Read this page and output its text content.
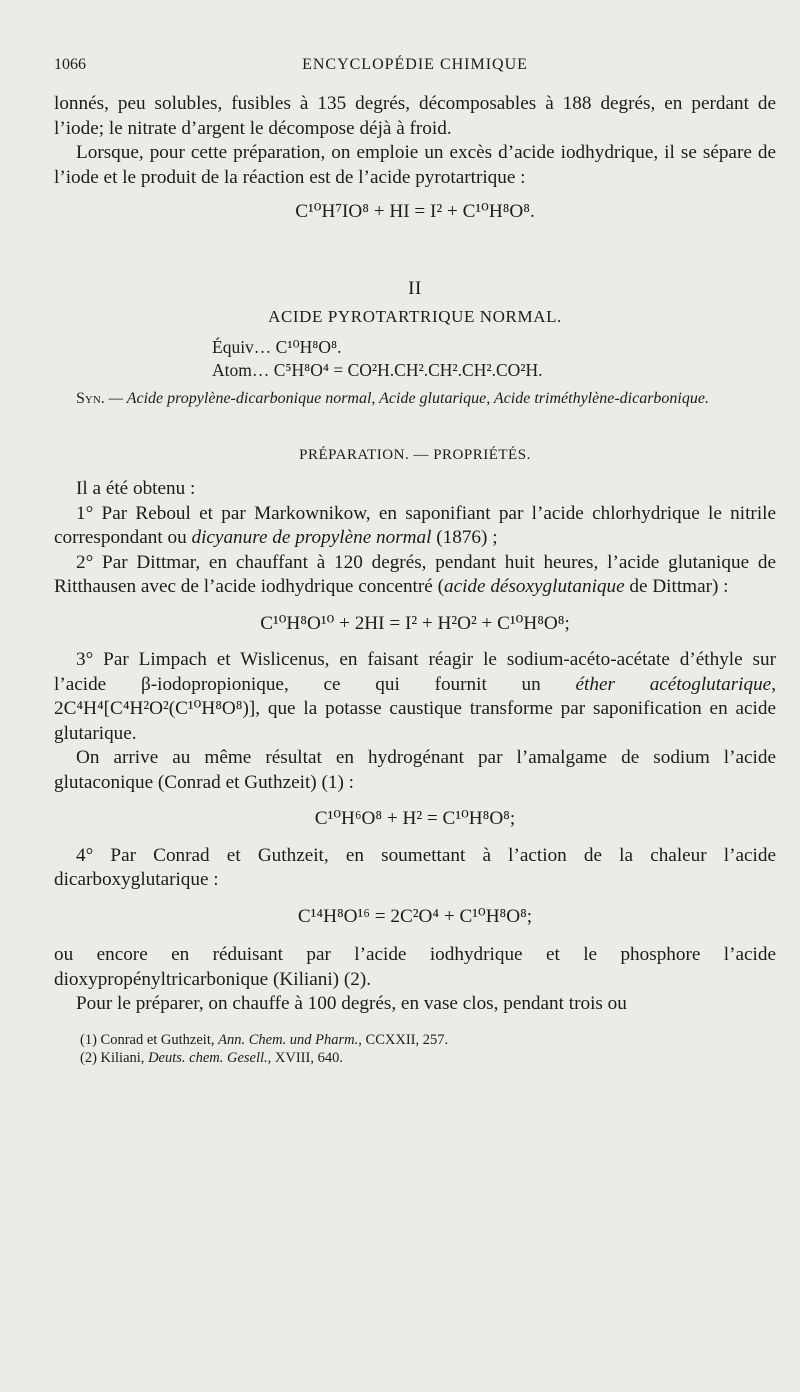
1066	ENCYCLOPÉDIE CHIMIQUE

lonnés, peu solubles, fusibles à 135 degrés, décomposables à 188 degrés, en perdant de l’iode; le nitrate d’argent le décompose déjà à froid.

Lorsque, pour cette préparation, on emploie un excès d’acide iodhydrique, il se sépare de l’iode et le produit de la réaction est de l’acide pyrotartrique :

C¹⁰H⁷IO⁸ + HI = I² + C¹⁰H⁸O⁸.

II

ACIDE PYROTARTRIQUE NORMAL.

Équiv… C¹⁰H⁸O⁸.

Atom… C⁵H⁸O⁴ = CO²H.CH².CH².CH².CO²H.

Syn. — Acide propylène-dicarbonique normal, Acide glutarique, Acide triméthylène-dicarbonique.

PRÉPARATION. — PROPRIÉTÉS.

Il a été obtenu :

1° Par Reboul et par Markownikow, en saponifiant par l’acide chlorhydrique le nitrile correspondant ou dicyanure de propylène normal (1876) ;

2° Par Dittmar, en chauffant à 120 degrés, pendant huit heures, l’acide glutanique de Ritthausen avec de l’acide iodhydrique concentré (acide désoxyglutanique de Dittmar) :

C¹⁰H⁸O¹⁰ + 2HI = I² + H²O² + C¹⁰H⁸O⁸;

3° Par Limpach et Wislicenus, en faisant réagir le sodium-acéto-acétate d’éthyle sur l’acide β-iodopropionique, ce qui fournit un éther acétoglutarique, 2C⁴H⁴[C⁴H²O²(C¹⁰H⁸O⁸)], que la potasse caustique transforme par saponification en acide glutarique.

On arrive au même résultat en hydrogénant par l’amalgame de sodium l’acide glutaconique (Conrad et Guthzeit) (1) :

C¹⁰H⁶O⁸ + H² = C¹⁰H⁸O⁸;

4° Par Conrad et Guthzeit, en soumettant à l’action de la chaleur l’acide dicarboxyglutarique :

C¹⁴H⁸O¹⁶ = 2C²O⁴ + C¹⁰H⁸O⁸;

ou encore en réduisant par l’acide iodhydrique et le phosphore l’acide dioxypropényltricarbonique (Kiliani) (2).

Pour le préparer, on chauffe à 100 degrés, en vase clos, pendant trois ou

(1) Conrad et Guthzeit, Ann. Chem. und Pharm., CCXXII, 257.

(2) Kiliani, Deuts. chem. Gesell., XVIII, 640.
